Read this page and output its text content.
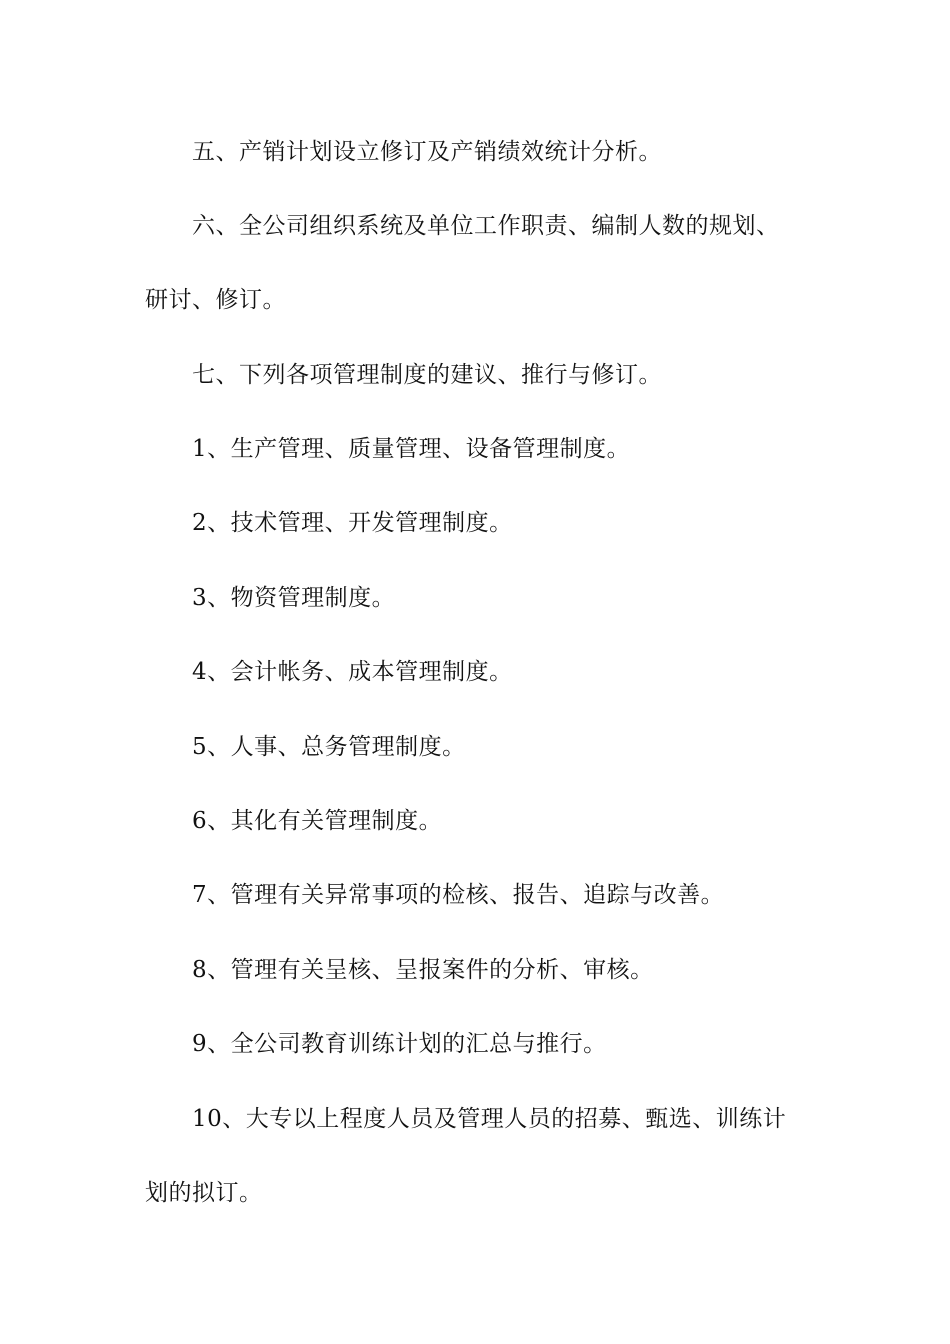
五、产销计划设立修订及产销绩效统计分析。
六、全公司组织系统及单位工作职责、编制人数的规划、
研讨、修订。
七、下列各项管理制度的建议、推行与修订。
1、生产管理、质量管理、设备管理制度。
2、技术管理、开发管理制度。
3、物资管理制度。
4、会计帐务、成本管理制度。
5、人事、总务管理制度。
6、其化有关管理制度。
7、管理有关异常事项的检核、报告、追踪与改善。
8、管理有关呈核、呈报案件的分析、审核。
9、全公司教育训练计划的汇总与推行。
10、大专以上程度人员及管理人员的招募、甄选、训练计
划的拟订。
